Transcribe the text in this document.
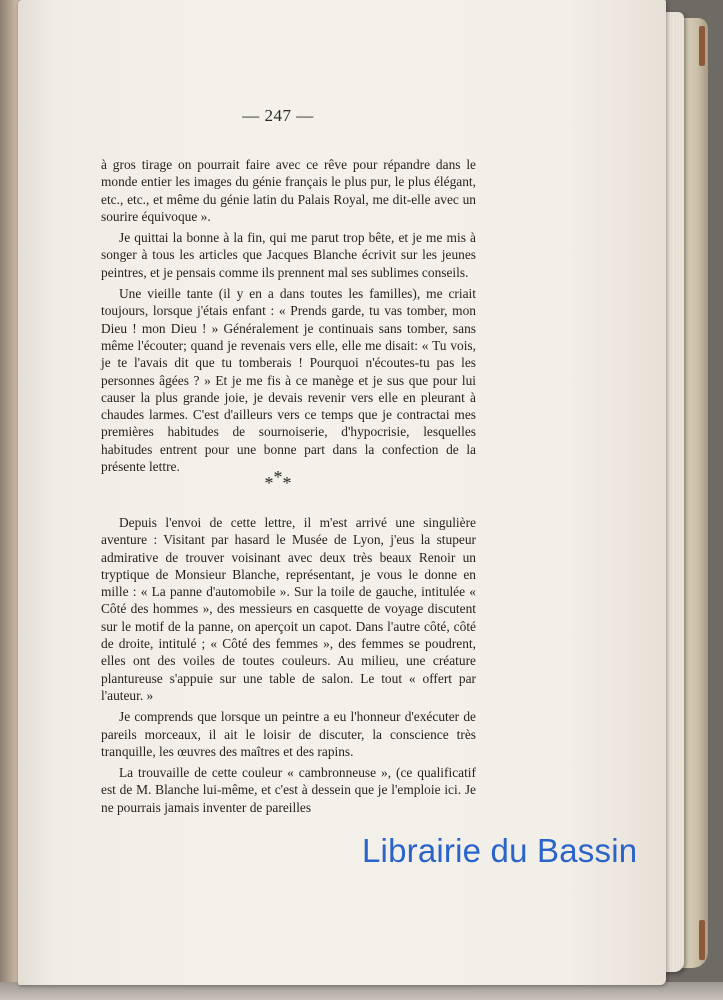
— 247 —

à gros tirage on pourrait faire avec ce rêve pour répandre dans le monde entier les images du génie français le plus pur, le plus élégant, etc., etc., et même du génie latin du Palais Royal, me dit-elle avec un sourire équivoque ».

Je quittai la bonne à la fin, qui me parut trop bête, et je me mis à songer à tous les articles que Jacques Blanche écrivit sur les jeunes peintres, et je pensais comme ils prennent mal ses sublimes conseils.

Une vieille tante (il y en a dans toutes les familles), me criait toujours, lorsque j'étais enfant : « Prends garde, tu vas tomber, mon Dieu ! mon Dieu ! » Généralement je continuais sans tomber, sans même l'écouter; quand je revenais vers elle, elle me disait: « Tu vois, je te l'avais dit que tu tomberais ! Pourquoi n'écoutes-tu pas les personnes âgées ? » Et je me fis à ce manège et je sus que pour lui causer la plus grande joie, je devais revenir vers elle en pleurant à chaudes larmes. C'est d'ailleurs vers ce temps que je contractai mes premières habitudes de sournoiserie, d'hypocrisie, lesquelles habitudes entrent pour une bonne part dans la confection de la présente lettre.

***

Depuis l'envoi de cette lettre, il m'est arrivé une singulière aventure : Visitant par hasard le Musée de Lyon, j'eus la stupeur admirative de trouver voisinant avec deux très beaux Renoir un tryptique de Monsieur Blanche, représentant, je vous le donne en mille : « La panne d'automobile ». Sur la toile de gauche, intitulée « Côté des hommes », des messieurs en casquette de voyage discutent sur le motif de la panne, on aperçoit un capot. Dans l'autre côté, côté de droite, intitulé ; « Côté des femmes », des femmes se poudrent, elles ont des voiles de toutes couleurs. Au milieu, une créature plantureuse s'appuie sur une table de salon. Le tout « offert par l'auteur. »

Je comprends que lorsque un peintre a eu l'honneur d'exécuter de pareils morceaux, il ait le loisir de discuter, la conscience très tranquille, les œuvres des maîtres et des rapins.

La trouvaille de cette couleur « cambronneuse », (ce qualificatif est de M. Blanche lui-même, et c'est à dessein que je l'emploie ici. Je ne pourrais jamais inventer de pareilles

Librairie du Bassin
